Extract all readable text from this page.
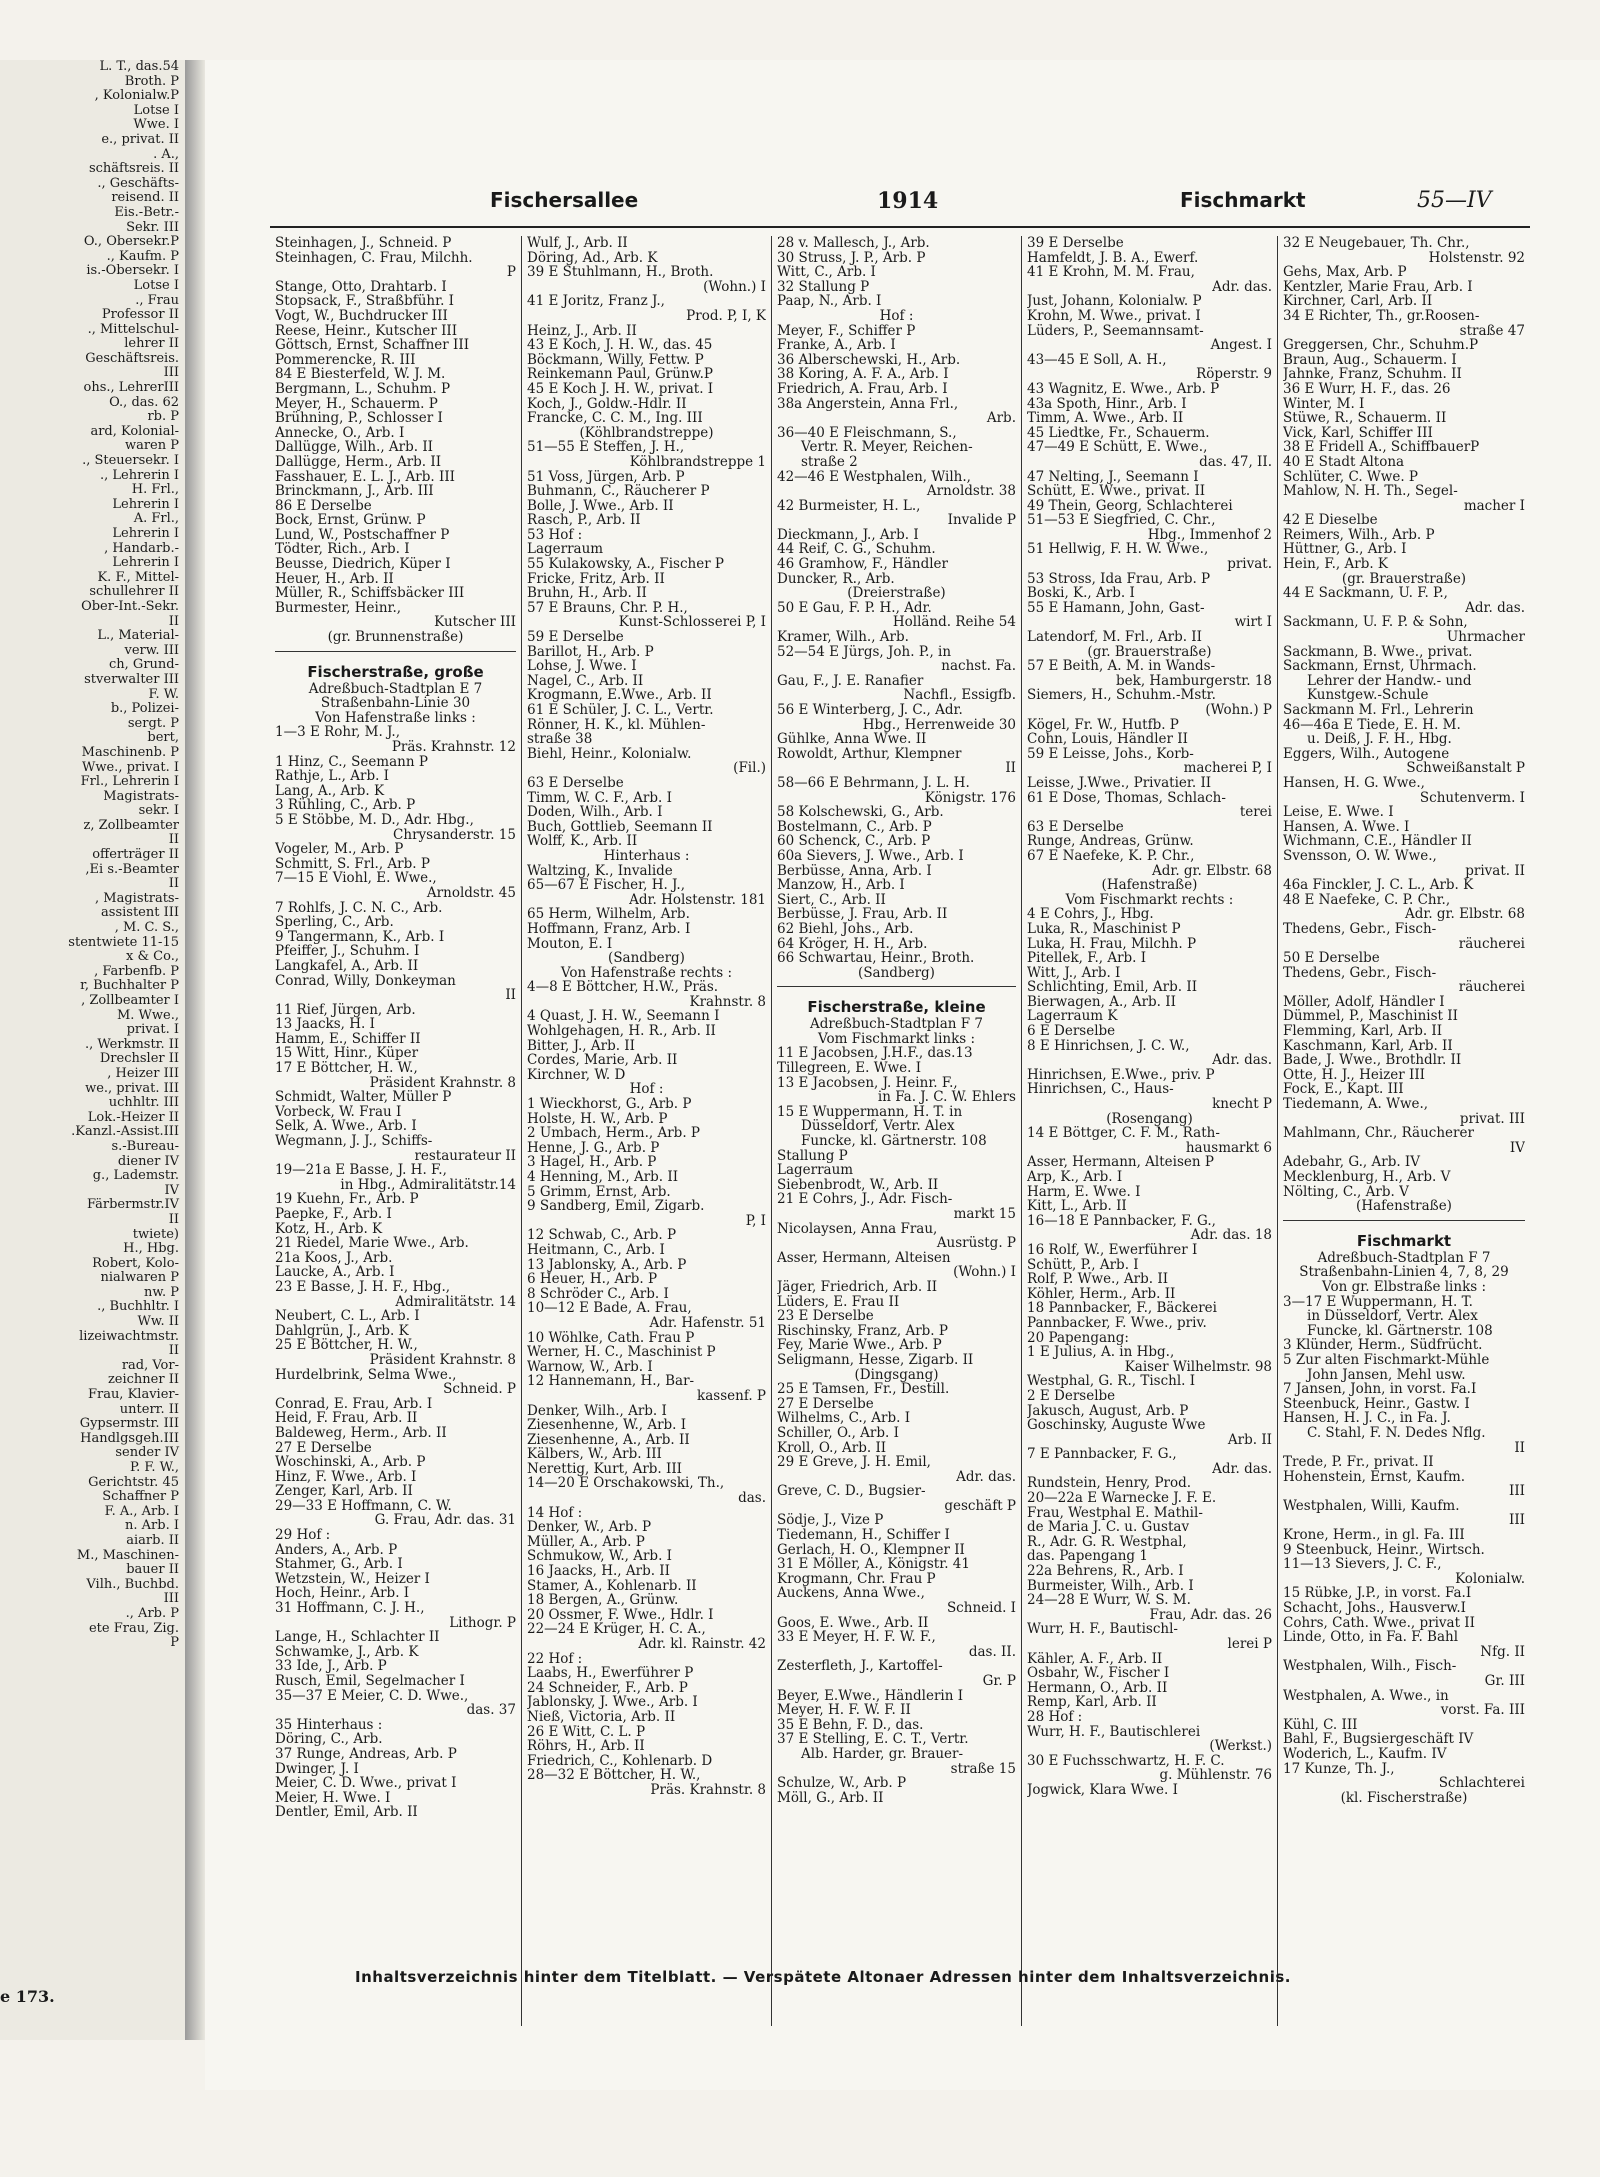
L. T., das.54
Broth. P
, Kolonialw.P
Lotse I
Wwe. I
e., privat. II
. A.,
schäftsreis. II
., Geschäfts-
reisend. II
Eis.-Betr.-
Sekr. III
O., Obersekr.P
., Kaufm. P
is.-Obersekr. I
Lotse I
., Frau
Professor II
., Mittelschul-
lehrer II
Geschäftsreis.
III
ohs., LehrerIII
O., das. 62
rb. P
ard, Kolonial-
waren P
., Steuersekr. I
., Lehrerin I
H. Frl.,
Lehrerin I
A. Frl.,
Lehrerin I
, Handarb.-
Lehrerin I
K. F., Mittel-
schullehrer II
Ober-Int.-Sekr.
II
L., Material-
verw. III
ch, Grund-
stverwalter III
F. W.
b., Polizei-
sergt. P
bert,
Maschinenb. P
Wwe., privat. I
Frl., Lehrerin I
Magistrats-
sekr. I
z, Zollbeamter
II
offerträger II
,Ei s.-Beamter
II
, Magistrats-
assistent III
, M. C. S.,
stentwiete 11-15
x & Co.,
, Farbenfb. P
r, Buchhalter P
, Zollbeamter I
M. Wwe.,
privat. I
., Werkmstr. II
Drechsler II
, Heizer III
we., privat. III
uchhltr. III
Lok.-Heizer II
.Kanzl.-Assist.III
s.-Bureau-
diener IV
g., Lademstr.
IV
Färbermstr.IV
II
twiete)
H., Hbg.
Robert, Kolo-
nialwaren P
nw. P
., Buchhltr. I
Ww. II
lizeiwachtmstr.
II
rad, Vor-
zeichner II
Frau, Klavier-
unterr. II
Gypsermstr. III
Handlgsgeh.III
sender IV
P. F. W.,
Gerichtstr. 45
Schaffner P
F. A., Arb. I
n. Arb. I
aiarb. II
M., Maschinen-
bauer II
Vilh., Buchbd.
III
., Arb. P
ete Frau, Zig.
P
e 173.
Fischersallee	1914	Fischmarkt	55—IV
Steinhagen, J., Schneid. P
Steinhagen, C. Frau, Milchh.
P
Stange, Otto, Drahtarb. I
Stopsack, F., Straßbführ. I
Vogt, W., Buchdrucker III
Reese, Heinr., Kutscher III
Göttsch, Ernst, Schaffner III
Pommerencke, R. III
84 E Biesterfeld, W. J. M.
Bergmann, L., Schuhm. P
Meyer, H., Schauerm. P
Brühning, P., Schlosser I
Annecke, O., Arb. I
Dallügge, Wilh., Arb. II
Dallügge, Herm., Arb. II
Fasshauer, E. L. J., Arb. III
Brinckmann, J., Arb. III
86 E Derselbe
Bock, Ernst, Grünw. P
Lund, W., Postschaffner P
Tödter, Rich., Arb. I
Beusse, Diedrich, Küper I
Heuer, H., Arb. II
Müller, R., Schiffsbäcker III
Burmester, Heinr.,
Kutscher III
(gr. Brunnenstraße)
Fischerstraße, große
Adreßbuch-Stadtplan E 7
Straßenbahn-Linie 30
Von Hafenstraße links :
1—3 E Rohr, M. J.,
Präs. Krahnstr. 12
1 Hinz, C., Seemann P
Rathje, L., Arb. I
Lang, A., Arb. K
3 Rühling, C., Arb. P
5 E Stöbbe, M. D., Adr. Hbg.,
Chrysanderstr. 15
Vogeler, M., Arb. P
Schmitt, S. Frl., Arb. P
7—15 E Viohl, E. Wwe.,
Arnoldstr. 45
7 Rohlfs, J. C. N. C., Arb.
Sperling, C., Arb.
9 Tangermann, K., Arb. I
Pfeiffer, J., Schuhm. I
Langkafel, A., Arb. II
Conrad, Willy, Donkeyman
II
11 Rief, Jürgen, Arb.
13 Jaacks, H. I
Hamm, E., Schiffer II
15 Witt, Hinr., Küper
17 E Böttcher, H. W.,
Präsident Krahnstr. 8
Schmidt, Walter, Müller P
Vorbeck, W. Frau I
Selk, A. Wwe., Arb. I
Wegmann, J. J., Schiffs-
restaurateur II
19—21a E Basse, J. H. F.,
in Hbg., Admiralitätstr.14
19 Kuehn, Fr., Arb. P
Paepke, F., Arb. I
Kotz, H., Arb. K
21 Riedel, Marie Wwe., Arb.
21a Koos, J., Arb.
Laucke, A., Arb. I
23 E Basse, J. H. F., Hbg.,
Admiralitätstr. 14
Neubert, C. L., Arb. I
Dahlgrün, J., Arb. K
25 E Böttcher, H. W.,
Präsident Krahnstr. 8
Hurdelbrink, Selma Wwe.,
Schneid. P
Conrad, E. Frau, Arb. I
Heid, F. Frau, Arb. II
Baldeweg, Herm., Arb. II
27 E Derselbe
Woschinski, A., Arb. P
Hinz, F. Wwe., Arb. I
Zenger, Karl, Arb. II
29—33 E Hoffmann, C. W.
G. Frau, Adr. das. 31
29 Hof :
Anders, A., Arb. P
Stahmer, G., Arb. I
Wetzstein, W., Heizer I
Hoch, Heinr., Arb. I
31 Hoffmann, C. J. H.,
Lithogr. P
Lange, H., Schlachter II
Schwamke, J., Arb. K
33 Ide, J., Arb. P
Rusch, Emil, Segelmacher I
35—37 E Meier, C. D. Wwe.,
das. 37
35 Hinterhaus :
Döring, C., Arb.
37 Runge, Andreas, Arb. P
Dwinger, J. I
Meier, C. D. Wwe., privat I
Meier, H. Wwe. I
Dentler, Emil, Arb. II
Wulf, J., Arb. II
Döring, Ad., Arb. K
39 E Stuhlmann, H., Broth.
(Wohn.) I
41 E Joritz, Franz J.,
Prod. P, I, K
Heinz, J., Arb. II
43 E Koch, J. H. W., das. 45
Böckmann, Willy, Fettw. P
Reinkemann Paul, Grünw.P
45 E Koch J. H. W., privat. I
Koch, J., Goldw.-Hdlr. II
Francke, C. C. M., Ing. III
(Köhlbrandstreppe)
51—55 E Steffen, J. H.,
Köhlbrandstreppe 1
51 Voss, Jürgen, Arb. P
Buhmann, C., Räucherer P
Bolle, J. Wwe., Arb. II
Rasch, P., Arb. II
53 Hof :
Lagerraum
55 Kulakowsky, A., Fischer P
Fricke, Fritz, Arb. II
Bruhn, H., Arb. II
57 E Brauns, Chr. P. H.,
Kunst-Schlosserei P, I
59 E Derselbe
Barillot, H., Arb. P
Lohse, J. Wwe. I
Nagel, C., Arb. II
Krogmann, E.Wwe., Arb. II
61 E Schüler, J. C. L., Vertr.
Rönner, H. K., kl. Mühlen-
straße 38
Biehl, Heinr., Kolonialw.
(Fil.)
63 E Derselbe
Timm, W. C. F., Arb. I
Doden, Wilh., Arb. I
Buch, Gottlieb, Seemann II
Wolff, K., Arb. II
Hinterhaus :
Waltzing, K., Invalide
65—67 E Fischer, H. J.,
Adr. Holstenstr. 181
65 Herm, Wilhelm, Arb.
Hoffmann, Franz, Arb. I
Mouton, E. I
(Sandberg)
Von Hafenstraße rechts :
4—8 E Böttcher, H.W., Präs.
Krahnstr. 8
4 Quast, J. H. W., Seemann I
Wohlgehagen, H. R., Arb. II
Bitter, J., Arb. II
Cordes, Marie, Arb. II
Kirchner, W. D
Hof :
1 Wieckhorst, G., Arb. P
Holste, H. W., Arb. P
2 Umbach, Herm., Arb. P
Henne, J. G., Arb. P
3 Hagel, H., Arb. P
4 Henning, M., Arb. II
5 Grimm, Ernst, Arb.
9 Sandberg, Emil, Zigarb.
P, I
12 Schwab, C., Arb. P
Heitmann, C., Arb. I
13 Jablonsky, A., Arb. P
6 Heuer, H., Arb. P
8 Schröder C., Arb. I
10—12 E Bade, A. Frau,
Adr. Hafenstr. 51
10 Wöhlke, Cath. Frau P
Werner, H. C., Maschinist P
Warnow, W., Arb. I
12 Hannemann, H., Bar-
kassenf. P
Denker, Wilh., Arb. I
Ziesenhenne, W., Arb. I
Ziesenhenne, A., Arb. II
Kälbers, W., Arb. III
Nerettig, Kurt, Arb. III
14—20 E Orschakowski, Th.,
das.
14 Hof :
Denker, W., Arb. P
Müller, A., Arb. P
Schmukow, W., Arb. I
16 Jaacks, H., Arb. II
Stamer, A., Kohlenarb. II
18 Bergen, A., Grünw.
20 Ossmer, F. Wwe., Hdlr. I
22—24 E Krüger, H. C. A.,
Adr. kl. Rainstr. 42
22 Hof :
Laabs, H., Ewerführer P
24 Schneider, F., Arb. P
Jablonsky, J. Wwe., Arb. I
Nieß, Victoria, Arb. II
26 E Witt, C. L. P
Röhrs, H., Arb. II
Friedrich, C., Kohlenarb. D
28—32 E Böttcher, H. W.,
Präs. Krahnstr. 8
28 v. Mallesch, J., Arb.
30 Struss, J. P., Arb. P
Witt, C., Arb. I
32 Stallung P
Paap, N., Arb. I
Hof :
Meyer, F., Schiffer P
Franke, A., Arb. I
36 Alberschewski, H., Arb.
38 Koring, A. F. A., Arb. I
Friedrich, A. Frau, Arb. I
38a Angerstein, Anna Frl.,
Arb.
36—40 E Fleischmann, S.,
Vertr. R. Meyer, Reichen-
straße 2
42—46 E Westphalen, Wilh.,
Arnoldstr. 38
42 Burmeister, H. L.,
Invalide P
Dieckmann, J., Arb. I
44 Reif, C. G., Schuhm.
46 Gramhow, F., Händler
Duncker, R., Arb.
(Dreierstraße)
50 E Gau, F. P. H., Adr.
Holländ. Reihe 54
Kramer, Wilh., Arb.
52—54 E Jürgs, Joh. P., in
nachst. Fa.
Gau, F., J. E. Ranafier
Nachfl., Essigfb.
56 E Winterberg, J. C., Adr.
Hbg., Herrenweide 30
Gühlke, Anna Wwe. II
Rowoldt, Arthur, Klempner
II
58—66 E Behrmann, J. L. H.
Königstr. 176
58 Kolschewski, G., Arb.
Bostelmann, C., Arb. P
60 Schenck, C., Arb. P
60a Sievers, J. Wwe., Arb. I
Berbüsse, Anna, Arb. I
Manzow, H., Arb. I
Siert, C., Arb. II
Berbüsse, J. Frau, Arb. II
62 Biehl, Johs., Arb.
64 Kröger, H. H., Arb.
66 Schwartau, Heinr., Broth.
(Sandberg)
Fischerstraße, kleine
Adreßbuch-Stadtplan F 7
Vom Fischmarkt links :
11 E Jacobsen, J.H.F., das.13
Tillegreen, E. Wwe. I
13 E Jacobsen, J. Heinr. F.,
in Fa. J. C. W. Ehlers
15 E Wuppermann, H. T. in
Düsseldorf, Vertr. Alex
Funcke, kl. Gärtnerstr. 108
Stallung P
Lagerraum
Siebenbrodt, W., Arb. II
21 E Cohrs, J., Adr. Fisch-
markt 15
Nicolaysen, Anna Frau,
Ausrüstg. P
Asser, Hermann, Alteisen
(Wohn.) I
Jäger, Friedrich, Arb. II
Lüders, E. Frau II
23 E Derselbe
Rischinsky, Franz, Arb. P
Fey, Marie Wwe., Arb. P
Seligmann, Hesse, Zigarb. II
(Dingsgang)
25 E Tamsen, Fr., Destill.
27 E Derselbe
Wilhelms, C., Arb. I
Schiller, O., Arb. I
Kroll, O., Arb. II
29 E Greve, J. H. Emil,
Adr. das.
Greve, C. D., Bugsier-
geschäft P
Södje, J., Vize P
Tiedemann, H., Schiffer I
Gerlach, H. O., Klempner II
31 E Möller, A., Königstr. 41
Krogmann, Chr. Frau P
Auckens, Anna Wwe.,
Schneid. I
Goos, E. Wwe., Arb. II
33 E Meyer, H. F. W. F.,
das. II.
Zesterfleth, J., Kartoffel-
Gr. P
Beyer, E.Wwe., Händlerin I
Meyer, H. F. W. F. II
35 E Behn, F. D., das.
37 E Stelling, E. C. T., Vertr.
Alb. Harder, gr. Brauer-
straße 15
Schulze, W., Arb. P
Möll, G., Arb. II
39 E Derselbe
Hamfeldt, J. B. A., Ewerf.
41 E Krohn, M. M. Frau,
Adr. das.
Just, Johann, Kolonialw. P
Krohn, M. Wwe., privat. I
Lüders, P., Seemannsamt-
Angest. I
43—45 E Soll, A. H.,
Röperstr. 9
43 Wagnitz, E. Wwe., Arb. P
43a Spoth, Hinr., Arb. I
Timm, A. Wwe., Arb. II
45 Liedtke, Fr., Schauerm.
47—49 E Schütt, E. Wwe.,
das. 47, II.
47 Nelting, J., Seemann I
Schütt, E. Wwe., privat. II
49 Thein, Georg, Schlachterei
51—53 E Siegfried, C. Chr.,
Hbg., Immenhof 2
51 Hellwig, F. H. W. Wwe.,
privat.
53 Stross, Ida Frau, Arb. P
Boski, K., Arb. I
55 E Hamann, John, Gast-
wirt I
Latendorf, M. Frl., Arb. II
(gr. Brauerstraße)
57 E Beith, A. M. in Wands-
bek, Hamburgerstr. 18
Siemers, H., Schuhm.-Mstr.
(Wohn.) P
Kögel, Fr. W., Hutfb. P
Cohn, Louis, Händler II
59 E Leisse, Johs., Korb-
macherei P, I
Leisse, J.Wwe., Privatier. II
61 E Dose, Thomas, Schlach-
terei
63 E Derselbe
Runge, Andreas, Grünw.
67 E Naefeke, K. P. Chr.,
Adr. gr. Elbstr. 68
(Hafenstraße)
Vom Fischmarkt rechts :
4 E Cohrs, J., Hbg.
Luka, R., Maschinist P
Luka, H. Frau, Milchh. P
Pitellek, F., Arb. I
Witt, J., Arb. I
Schlichting, Emil, Arb. II
Bierwagen, A., Arb. II
Lagerraum K
6 E Derselbe
8 E Hinrichsen, J. C. W.,
Adr. das.
Hinrichsen, E.Wwe., priv. P
Hinrichsen, C., Haus-
knecht P
(Rosengang)
14 E Böttger, C. F. M., Rath-
hausmarkt 6
Asser, Hermann, Alteisen P
Arp, K., Arb. I
Harm, E. Wwe. I
Kitt, L., Arb. II
16—18 E Pannbacker, F. G.,
Adr. das. 18
16 Rolf, W., Ewerführer I
Schütt, P., Arb. I
Rolf, P. Wwe., Arb. II
Köhler, Herm., Arb. II
18 Pannbacker, F., Bäckerei
Pannbacker, F. Wwe., priv.
20 Papengang:
1 E Julius, A. in Hbg.,
Kaiser Wilhelmstr. 98
Westphal, G. R., Tischl. I
2 E Derselbe
Jakusch, August, Arb. P
Goschinsky, Auguste Wwe
Arb. II
7 E Pannbacker, F. G.,
Adr. das.
Rundstein, Henry, Prod.
20—22a E Warnecke J. F. E.
Frau, Westphal E. Mathil-
de Maria J. C. u. Gustav
R., Adr. G. R. Westphal,
das. Papengang 1
22a Behrens, R., Arb. I
Burmeister, Wilh., Arb. I
24—28 E Wurr, W. S. M.
Frau, Adr. das. 26
Wurr, H. F., Bautischl-
lerei P
Kähler, A. F., Arb. II
Osbahr, W., Fischer I
Hermann, O., Arb. II
Remp, Karl, Arb. II
28 Hof :
Wurr, H. F., Bautischlerei
(Werkst.)
30 E Fuchsschwartz, H. F. C.
g. Mühlenstr. 76
Jogwick, Klara Wwe. I
32 E Neugebauer, Th. Chr.,
Holstenstr. 92
Gehs, Max, Arb. P
Kentzler, Marie Frau, Arb. I
Kirchner, Carl, Arb. II
34 E Richter, Th., gr.Roosen-
straße 47
Greggersen, Chr., Schuhm.P
Braun, Aug., Schauerm. I
Jahnke, Franz, Schuhm. II
36 E Wurr, H. F., das. 26
Winter, M. I
Stüwe, R., Schauerm. II
Vick, Karl, Schiffer III
38 E Fridell A., SchiffbauerP
40 E Stadt Altona
Schlüter, C. Wwe. P
Mahlow, N. H. Th., Segel-
macher I
42 E Dieselbe
Reimers, Wilh., Arb. P
Hüttner, G., Arb. I
Hein, F., Arb. K
(gr. Brauerstraße)
44 E Sackmann, U. F. P.,
Adr. das.
Sackmann, U. F. P. & Sohn,
Uhrmacher
Sackmann, B. Wwe., privat.
Sackmann, Ernst, Uhrmach.
Lehrer der Handw.- und
Kunstgew.-Schule
Sackmann M. Frl., Lehrerin
46—46a E Tiede, E. H. M.
u. Deiß, J. F. H., Hbg.
Eggers, Wilh., Autogene
Schweißanstalt P
Hansen, H. G. Wwe.,
Schutenverm. I
Leise, E. Wwe. I
Hansen, A. Wwe. I
Wichmann, C.E., Händler II
Svensson, O. W. Wwe.,
privat. II
46a Finckler, J. C. L., Arb. K
48 E Naefeke, C. P. Chr.,
Adr. gr. Elbstr. 68
Thedens, Gebr., Fisch-
räucherei
50 E Derselbe
Thedens, Gebr., Fisch-
räucherei
Möller, Adolf, Händler I
Dümmel, P., Maschinist II
Flemming, Karl, Arb. II
Kaschmann, Karl, Arb. II
Bade, J. Wwe., Brothdlr. II
Otte, H. J., Heizer III
Fock, E., Kapt. III
Tiedemann, A. Wwe.,
privat. III
Mahlmann, Chr., Räucherer
IV
Adebahr, G., Arb. IV
Mecklenburg, H., Arb. V
Nölting, C., Arb. V
(Hafenstraße)
Fischmarkt
Adreßbuch-Stadtplan F 7
Straßenbahn-Linien 4, 7, 8, 29
Von gr. Elbstraße links :
3—17 E Wuppermann, H. T.
in Düsseldorf, Vertr. Alex
Funcke, kl. Gärtnerstr. 108
3 Klünder, Herm., Südfrücht.
5 Zur alten Fischmarkt-Mühle
John Jansen, Mehl usw.
7 Jansen, John, in vorst. Fa.I
Steenbuck, Heinr., Gastw. I
Hansen, H. J. C., in Fa. J.
C. Stahl, F. N. Dedes Nflg.
II
Trede, P. Fr., privat. II
Hohenstein, Ernst, Kaufm.
III
Westphalen, Willi, Kaufm.
III
Krone, Herm., in gl. Fa. III
9 Steenbuck, Heinr., Wirtsch.
11—13 Sievers, J. C. F.,
Kolonialw.
15 Rübke, J.P., in vorst. Fa.I
Schacht, Johs., Hausverw.I
Cohrs, Cath. Wwe., privat II
Linde, Otto, in Fa. F. Bahl
Nfg. II
Westphalen, Wilh., Fisch-
Gr. III
Westphalen, A. Wwe., in
vorst. Fa. III
Kühl, C. III
Bahl, F., Bugsiergeschäft IV
Woderich, L., Kaufm. IV
17 Kunze, Th. J.,
Schlachterei
(kl. Fischerstraße)
Inhaltsverzeichnis hinter dem Titelblatt. — Verspätete Altonaer Adressen hinter dem Inhaltsverzeichnis.
